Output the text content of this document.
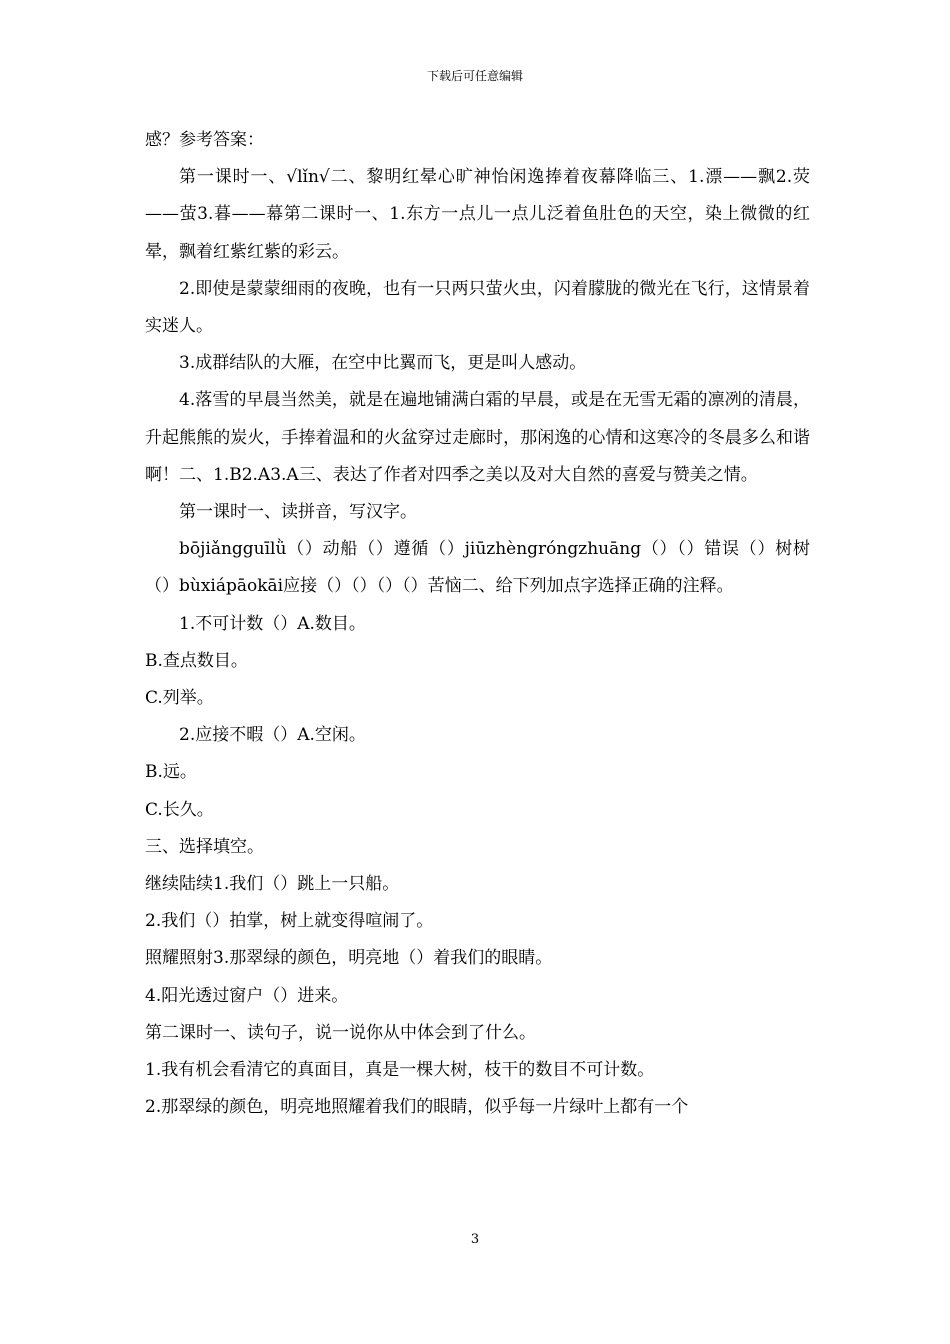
下载后可任意编辑

感？参考答案：

第一课时一、√lǐn√二、黎明红晕心旷神怡闲逸捧着夜幕降临三、1.漂——飘2.荧——萤3.暮——幕第二课时一、1.东方一点儿一点儿泛着鱼肚色的天空，染上微微的红晕，飘着红紫红紫的彩云。

2.即使是蒙蒙细雨的夜晚，也有一只两只萤火虫，闪着朦胧的微光在飞行，这情景着实迷人。

3.成群结队的大雁，在空中比翼而飞，更是叫人感动。

4.落雪的早晨当然美，就是在遍地铺满白霜的早晨，或是在无雪无霜的凛冽的清晨，升起熊熊的炭火，手捧着温和的火盆穿过走廊时，那闲逸的心情和这寒冷的冬晨多么和谐啊！二、1.B2.A3.A三、表达了作者对四季之美以及对大自然的喜爱与赞美之情。

第一课时一、读拼音，写汉字。

bōjiǎngguīlǜ（）动船（）遵循（）jiūzhèngróngzhuāng（）（）错误（）树树（）bùxiápāokāi应接（）（）（）（）苦恼二、给下列加点字选择正确的注释。

1.不可计数（）A.数目。

B.查点数目。

C.列举。

2.应接不暇（）A.空闲。

B.远。

C.长久。

三、选择填空。

继续陆续1.我们（）跳上一只船。

2.我们（）拍掌，树上就变得喧闹了。

照耀照射3.那翠绿的颜色，明亮地（）着我们的眼睛。

4.阳光透过窗户（）进来。

第二课时一、读句子，说一说你从中体会到了什么。

1.我有机会看清它的真面目，真是一棵大树，枝干的数目不可计数。

2.那翠绿的颜色，明亮地照耀着我们的眼睛，似乎每一片绿叶上都有一个

3
